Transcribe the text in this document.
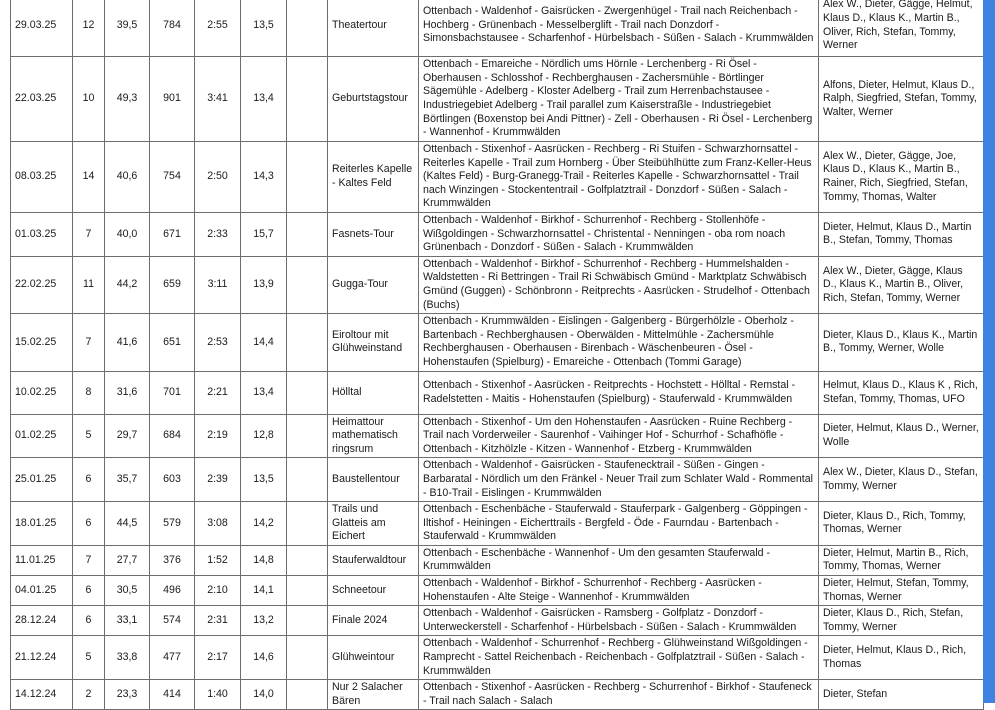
29.03.25	12	39,5	784	2:55	13,5		Theatertour	Ottenbach - Waldenhof - Gaisrücken - Zwergenhügel - Trail nach Reichenbach - Hochberg - Grünenbach - Messelberglift - Trail nach Donzdorf - Simonsbachstausee - Scharfenhof - Hürbelsbach - Süßen - Salach - Krummwälden	Alex W., Dieter, Gägge, Helmut, Klaus D., Klaus K., Martin B., Oliver, Rich, Stefan, Tommy, Werner
22.03.25	10	49,3	901	3:41	13,4		Geburtstagstour	Ottenbach - Emareiche - Nördlich ums Hörnle - Lerchenberg - Ri Ösel - Oberhausen - Schlosshof - Rechberghausen - Zachersmühle - Börtlinger Sägemühle - Adelberg - Kloster Adelberg - Trail zum Herrenbachstausee - Industriegebiet Adelberg - Trail parallel zum Kaiserstraßle - Industriegebiet Börtlingen (Boxenstop bei Andi Pittner) - Zell - Oberhausen - Ri Ösel - Lerchenberg - Wannenhof - Krummwälden	Alfons, Dieter, Helmut, Klaus D., Ralph, Siegfried, Stefan, Tommy, Walter, Werner
08.03.25	14	40,6	754	2:50	14,3		Reiterles Kapelle - Kaltes Feld	Ottenbach - Stixenhof - Aasrücken - Rechberg - Ri Stuifen - Schwarzhornsattel - Reiterles Kapelle - Trail zum Hornberg - Über Steibühlhütte zum Franz-Keller-Heus (Kaltes Feld) - Burg-Granegg-Trail - Reiterles Kapelle - Schwarzhornsattel - Trail nach Winzingen - Stockententrail - Golfplatztrail - Donzdorf - Süßen - Salach - Krummwälden	Alex W., Dieter, Gägge, Joe, Klaus D., Klaus K., Martin B., Rainer, Rich, Siegfried, Stefan, Tommy, Thomas, Walter
01.03.25	7	40,0	671	2:33	15,7		Fasnets-Tour	Ottenbach - Waldenhof - Birkhof - Schurrenhof - Rechberg - Stollenhöfe - Wißgoldingen - Schwarzhornsattel - Christental - Nenningen - oba rom noach Grünenbach - Donzdorf - Süßen - Salach - Krummwälden	Dieter, Helmut, Klaus D., Martin B., Stefan, Tommy, Thomas
22.02.25	11	44,2	659	3:11	13,9		Gugga-Tour	Ottenbach - Waldenhof - Birkhof - Schurrenhof - Rechberg - Hummelshalden - Waldstetten - Ri Bettringen - Trail Ri Schwäbisch Gmünd - Marktplatz Schwäbisch Gmünd (Guggen) - Schönbronn - Reitprechts - Aasrücken - Strudelhof - Ottenbach (Buchs)	Alex W., Dieter, Gägge, Klaus D., Klaus K., Martin B., Oliver, Rich, Stefan, Tommy, Werner
15.02.25	7	41,6	651	2:53	14,4		Eiroltour mit Glühweinstand	Ottenbach - Krummwälden - Eislingen - Galgenberg - Bürgerhölzle - Oberholz - Bartenbach - Rechberghausen - Oberwälden - Mittelmühle - Zachersmühle Rechberghausen - Oberhausen - Birenbach - Wäschenbeuren - Ösel - Hohenstaufen (Spielburg) - Emareiche - Ottenbach (Tommi Garage)	Dieter, Klaus D., Klaus K., Martin B., Tommy, Werner, Wolle
10.02.25	8	31,6	701	2:21	13,4		Hölltal	Ottenbach - Stixenhof - Aasrücken - Reitprechts - Hochstett - Hölltal - Remstal - Radelstetten - Maitis - Hohenstaufen (Spielburg) - Stauferwald - Krummwälden	Helmut, Klaus D., Klaus K , Rich, Stefan, Tommy, Thomas, UFO
01.02.25	5	29,7	684	2:19	12,8		Heimattour mathematisch ringsrum	Ottenbach - Stixenhof - Um den Hohenstaufen - Aasrücken - Ruine Rechberg - Trail nach Vorderweiler - Saurenhof - Vaihinger Hof - Schurrhof - Schafhöfle - Ottenbach - Kitzhölzle - Kitzen - Wannenhof - Etzberg - Krummwälden	Dieter, Helmut, Klaus D., Werner, Wolle
25.01.25	6	35,7	603	2:39	13,5		Baustellentour	Ottenbach - Waldenhof - Gaisrücken - Staufenecktrail - Süßen - Gingen - Barbaratal - Nördlich um den Fränkel - Neuer Trail zum Schlater Wald - Rommental - B10-Trail - Eislingen - Krummwälden	Alex W., Dieter, Klaus D., Stefan, Tommy, Werner
18.01.25	6	44,5	579	3:08	14,2		Trails und Glatteis am Eichert	Ottenbach - Eschenbäche - Stauferwald - Stauferpark - Galgenberg - Göppingen - Iltishof - Heiningen - Eicherttrails - Bergfeld - Öde - Faurndau - Bartenbach - Stauferwald - Krummwälden	Dieter, Klaus D., Rich, Tommy, Thomas, Werner
11.01.25	7	27,7	376	1:52	14,8		Stauferwaldtour	Ottenbach - Eschenbäche - Wannenhof - Um den gesamten Stauferwald - Krummwälden	Dieter, Helmut, Martin B., Rich, Tommy, Thomas, Werner
04.01.25	6	30,5	496	2:10	14,1		Schneetour	Ottenbach - Waldenhof - Birkhof - Schurrenhof - Rechberg - Aasrücken - Hohenstaufen - Alte Steige - Wannenhof - Krummwälden	Dieter, Helmut, Stefan, Tommy, Thomas, Werner
28.12.24	6	33,1	574	2:31	13,2		Finale 2024	Ottenbach - Waldenhof - Gaisrücken - Ramsberg - Golfplatz - Donzdorf - Unterweckerstell - Scharfenhof - Hürbelsbach - Süßen - Salach - Krummwälden	Dieter, Klaus D., Rich, Stefan, Tommy, Werner
21.12.24	5	33,8	477	2:17	14,6		Glühweintour	Ottenbach - Waldenhof - Schurrenhof - Rechberg - Glühweinstand Wißgoldingen - Ramprecht - Sattel Reichenbach - Reichenbach - Golfplatztrail - Süßen - Salach - Krummwälden	Dieter, Helmut, Klaus D., Rich, Thomas
14.12.24	2	23,3	414	1:40	14,0		Nur 2 Salacher Bären	Ottenbach - Stixenhof - Aasrücken - Rechberg - Schurrenhof - Birkhof - Staufeneck - Trail nach Salach - Salach	Dieter, Stefan
